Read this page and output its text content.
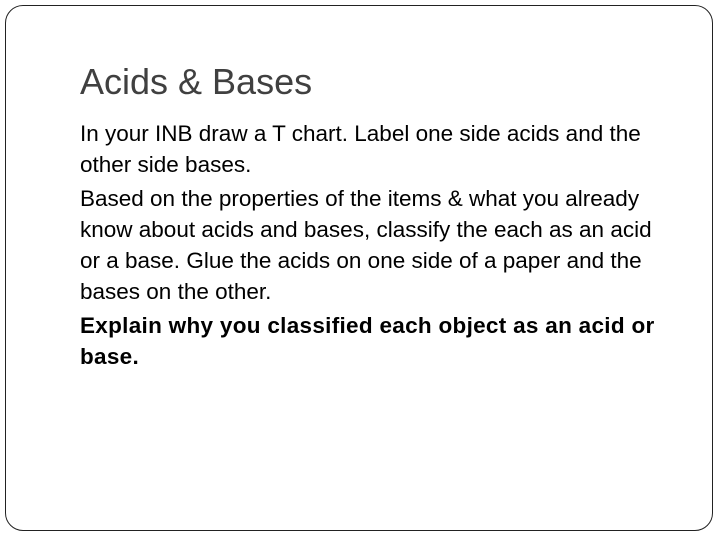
Acids & Bases

In your INB draw a T chart. Label one side acids and the other side bases.

Based on the properties of the items & what you already know about acids and bases, classify the each as an acid or a base. Glue the acids on one side of a paper and the bases on the other.

Explain why you classified each object as an acid or base.
